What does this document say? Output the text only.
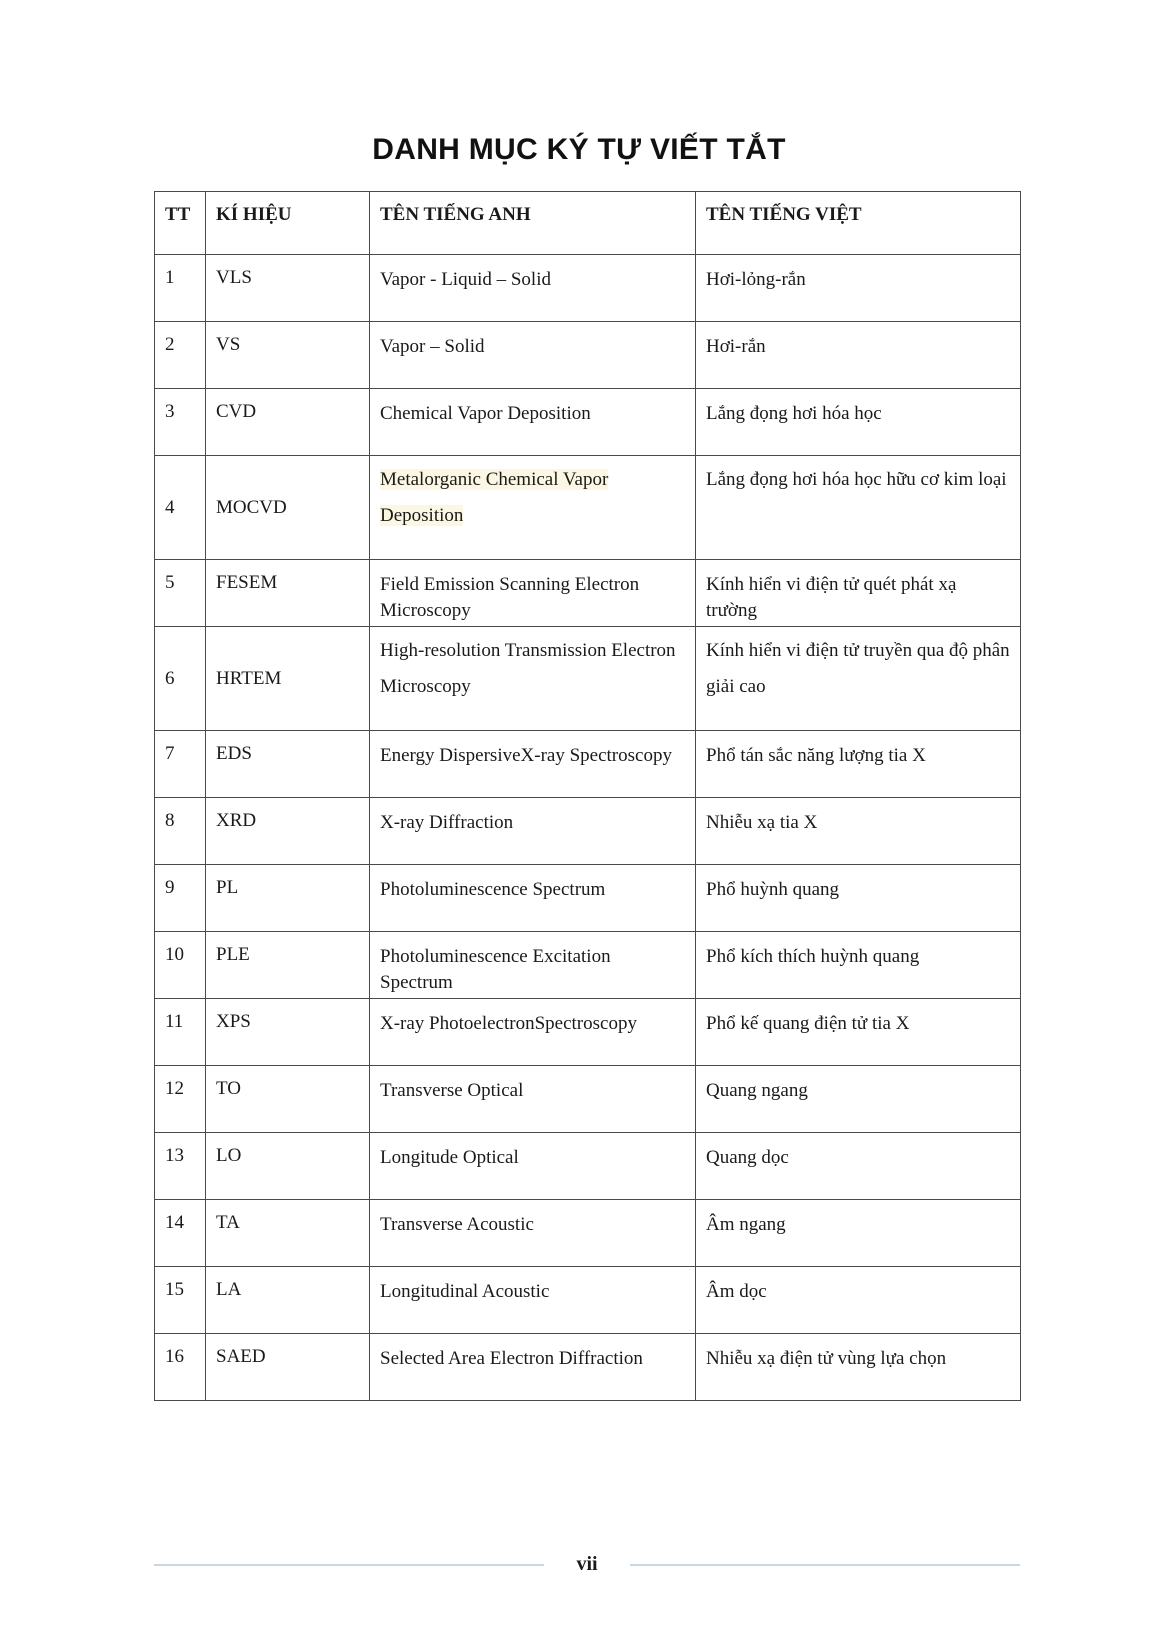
DANH MỤC KÝ TỰ VIẾT TẮT
TT	KÍ HIỆU	TÊN TIẾNG ANH	TÊN TIẾNG VIỆT
1	VLS	Vapor - Liquid – Solid	Hơi-lỏng-rắn
2	VS	Vapor – Solid	Hơi-rắn
3	CVD	Chemical Vapor Deposition	Lắng đọng hơi hóa học
4	MOCVD	Metalorganic Chemical Vapor Deposition	Lắng đọng hơi hóa học hữu cơ kim loại
5	FESEM	Field Emission Scanning Electron Microscopy	Kính hiển vi điện tử quét phát xạ trường
6	HRTEM	High-resolution Transmission Electron Microscopy	Kính hiển vi điện tử truyền qua độ phân giải cao
7	EDS	Energy DispersiveX-ray Spectroscopy	Phổ tán sắc năng lượng tia X
8	XRD	X-ray Diffraction	Nhiễu xạ tia X
9	PL	Photoluminescence Spectrum	Phổ huỳnh quang
10	PLE	Photoluminescence Excitation Spectrum	Phổ kích thích huỳnh quang
11	XPS	X-ray PhotoelectronSpectroscopy	Phổ kế quang điện tử tia X
12	TO	Transverse Optical	Quang ngang
13	LO	Longitude Optical	Quang dọc
14	TA	Transverse Acoustic	Âm ngang
15	LA	Longitudinal Acoustic	Âm dọc
16	SAED	Selected Area Electron Diffraction	Nhiễu xạ điện tử vùng lựa chọn
vii
